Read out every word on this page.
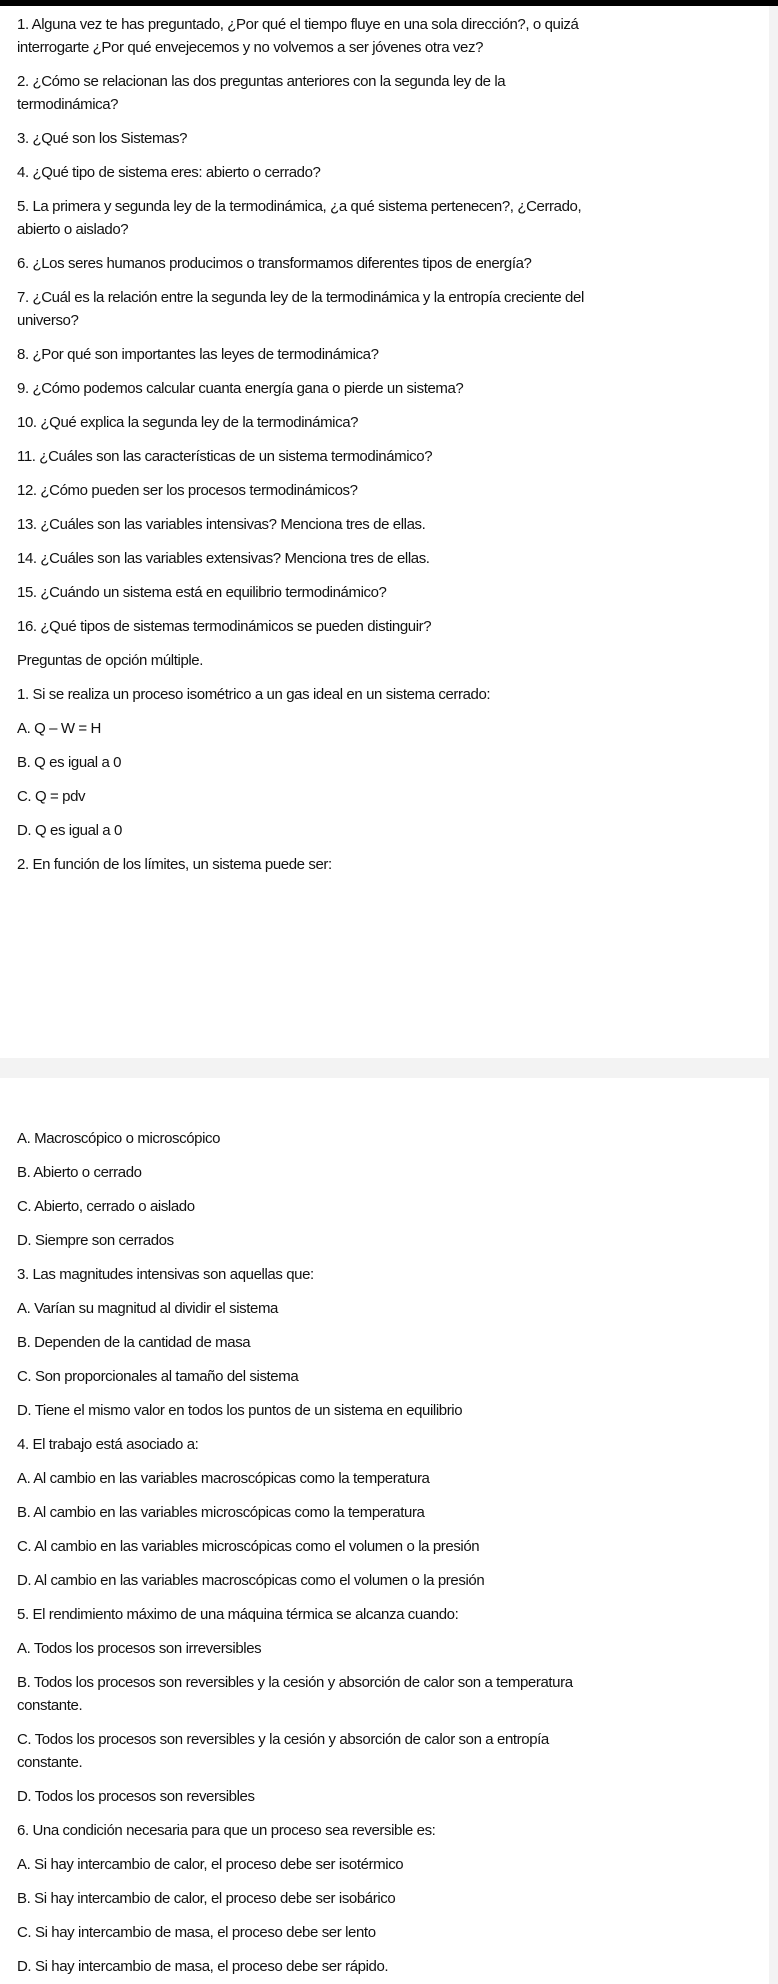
1. Alguna vez te has preguntado, ¿Por qué el tiempo fluye en una sola dirección?, o quizá
interrogarte ¿Por qué envejecemos y no volvemos a ser jóvenes otra vez?

2. ¿Cómo se relacionan las dos preguntas anteriores con la segunda ley de la
termodinámica?

3. ¿Qué son los Sistemas?

4. ¿Qué tipo de sistema eres: abierto o cerrado?

5. La primera y segunda ley de la termodinámica, ¿a qué sistema pertenecen?, ¿Cerrado,
abierto o aislado?

6. ¿Los seres humanos producimos o transformamos diferentes tipos de energía?

7. ¿Cuál es la relación entre la segunda ley de la termodinámica y la entropía creciente del
universo?

8. ¿Por qué son importantes las leyes de termodinámica?

9. ¿Cómo podemos calcular cuanta energía gana o pierde un sistema?

10. ¿Qué explica la segunda ley de la termodinámica?

11. ¿Cuáles son las características de un sistema termodinámico?

12. ¿Cómo pueden ser los procesos termodinámicos?

13. ¿Cuáles son las variables intensivas? Menciona tres de ellas.

14. ¿Cuáles son las variables extensivas? Menciona tres de ellas.

15. ¿Cuándo un sistema está en equilibrio termodinámico?

16. ¿Qué tipos de sistemas termodinámicos se pueden distinguir?

Preguntas de opción múltiple.

1. Si se realiza un proceso isométrico a un gas ideal en un sistema cerrado:

A. Q – W = H

B. Q es igual a 0

C. Q = pdv

D. Q es igual a 0

2. En función de los límites, un sistema puede ser:

A. Macroscópico o microscópico

B. Abierto o cerrado

C. Abierto, cerrado o aislado

D. Siempre son cerrados

3. Las magnitudes intensivas son aquellas que:

A. Varían su magnitud al dividir el sistema

B. Dependen de la cantidad de masa

C. Son proporcionales al tamaño del sistema

D. Tiene el mismo valor en todos los puntos de un sistema en equilibrio

4. El trabajo está asociado a:

A. Al cambio en las variables macroscópicas como la temperatura

B. Al cambio en las variables microscópicas como la temperatura

C. Al cambio en las variables microscópicas como el volumen o la presión

D. Al cambio en las variables macroscópicas como el volumen o la presión

5. El rendimiento máximo de una máquina térmica se alcanza cuando:

A. Todos los procesos son irreversibles

B. Todos los procesos son reversibles y la cesión y absorción de calor son a temperatura
constante.

C. Todos los procesos son reversibles y la cesión y absorción de calor son a entropía
constante.

D. Todos los procesos son reversibles

6. Una condición necesaria para que un proceso sea reversible es:

A. Si hay intercambio de calor, el proceso debe ser isotérmico

B. Si hay intercambio de calor, el proceso debe ser isobárico

C. Si hay intercambio de masa, el proceso debe ser lento

D. Si hay intercambio de masa, el proceso debe ser rápido.
